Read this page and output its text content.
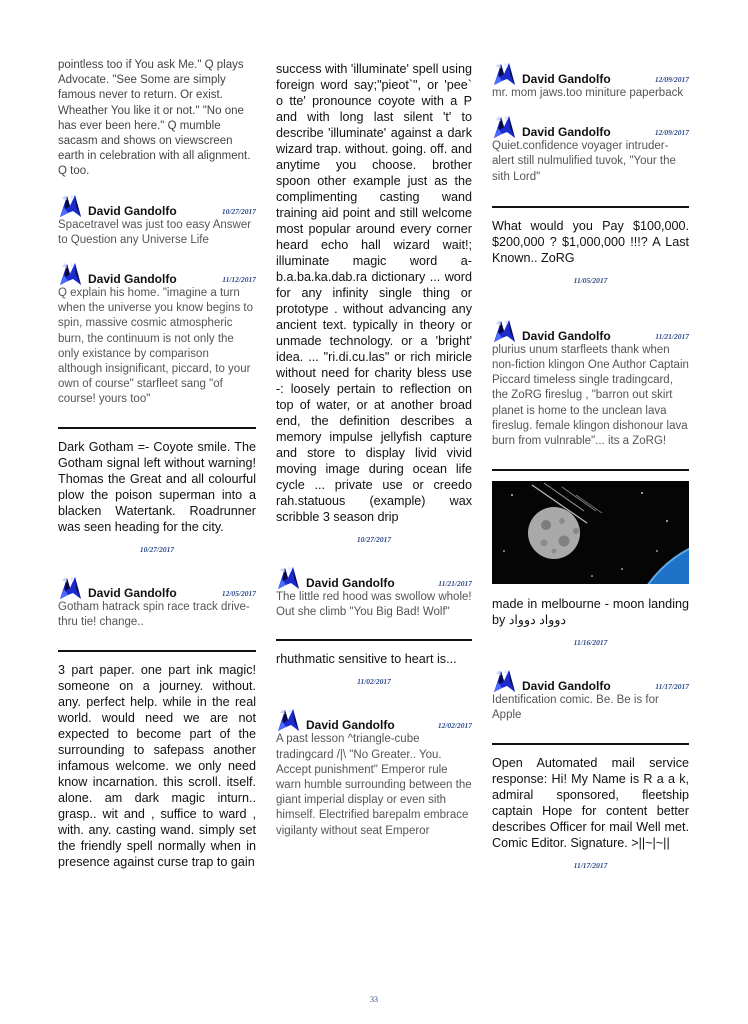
pointless too if You ask Me." Q plays Advocate. "See Some are simply famous never to return. Or exist. Wheather You like it or not." "No one has ever been here." Q mumble sacasm and shows on viewscreen earth in celebration with all alignment. Q too.
David Gandolfo	10/27/2017
Spacetravel was just too easy Answer to Question any Universe Life
David Gandolfo	11/12/2017
Q explain his home. "imagine a turn when the universe you know begins to spin, massive cosmic atmospheric burn, the continuum is not only the only existance by comparison although insignificant, piccard, to your own of course" starfleet sang "of course! yours too"
Dark Gotham =- Coyote smile. The Gotham signal left without warning! Thomas the Great and all colourful plow the poison superman into a blacken Watertank. Roadrunner was seen heading for the city.
10/27/2017
David Gandolfo	12/05/2017
Gotham hatrack spin race track drive-thru tie! change..
3 part paper. one part ink magic! someone on a journey. without. any. perfect help. while in the real world. would need we are not expected to become part of the surrounding to safepass another infamous welcome. we only need know incarnation. this scroll. itself. alone. am dark magic inturn.. grasp.. wit and , suffice to ward , with. any. casting wand. simply set the friendly spell normally when in presence against curse trap to gain
success with 'illuminate' spell using foreign word say;"pieot`", or 'pee` o tte' pronounce coyote with a P and with long last silent 't' to describe 'illuminate' against a dark wizard trap. without. going. off. and anytime you choose. brother spoon other example just as the complimenting casting wand training aid point and still welcome most popular around every corner heard echo hall wizard wait!; illuminate magic word a-b.a.ba.ka.dab.ra dictionary ... word for any infinity single thing or prototype . without advancing any ancient text. typically in theory or unmade technology. or a 'bright' idea. ... "ri.di.cu.las" or rich miricle without need for charity bless use -: loosely pertain to reflection on top of water, or at another broad end, the definition describes a memory impulse jellyfish capture and store to display livid vivid moving image during ocean life cycle ... private use or creedo rah.statuous (example) wax scribble 3 season drip
10/27/2017
David Gandolfo	11/21/2017
The little red hood was swollow whole! Out she climb "You Big Bad! Wolf"
rhuthmatic sensitive to heart is...
11/02/2017
David Gandolfo	12/02/2017
A past lesson ^triangle-cube tradingcard /|\ "No Greater.. You. Accept punishment" Emperor rule warn humble surrounding between the giant imperial display or even sith himself. Electrified barepalm embrace vigilanty without seat Emperor
David Gandolfo	12/09/2017
mr. mom jaws.too miniture paperback
David Gandolfo	12/09/2017
Quiet.confidence voyager intruder-alert still nulmulified tuvok, "Your the sith Lord"
What would you Pay $100,000. $200,000 ? $1,000,000 !!!? A Last Known.. ZoRG
11/05/2017
David Gandolfo	11/21/2017
plurius unum starfleets thank when non-fiction klingon One Author Captain Piccard timeless single tradingcard, the ZoRG fireslug , "barron out skirt planet is home to the unclean lava fireslug. female klingon dishonour lava burn from vulnrable"... its a ZoRG!
made in melbourne - moon landing by دوواد دوواد
11/16/2017
David Gandolfo	11/17/2017
Identification comic. Be. Be is for Apple
Open Automated mail service response: Hi! My Name is R a a k, admiral sponsored, fleetship captain Hope for content better describes Officer for mail Well met. Comic Editor. Signature. >||~|~||
11/17/2017
33
